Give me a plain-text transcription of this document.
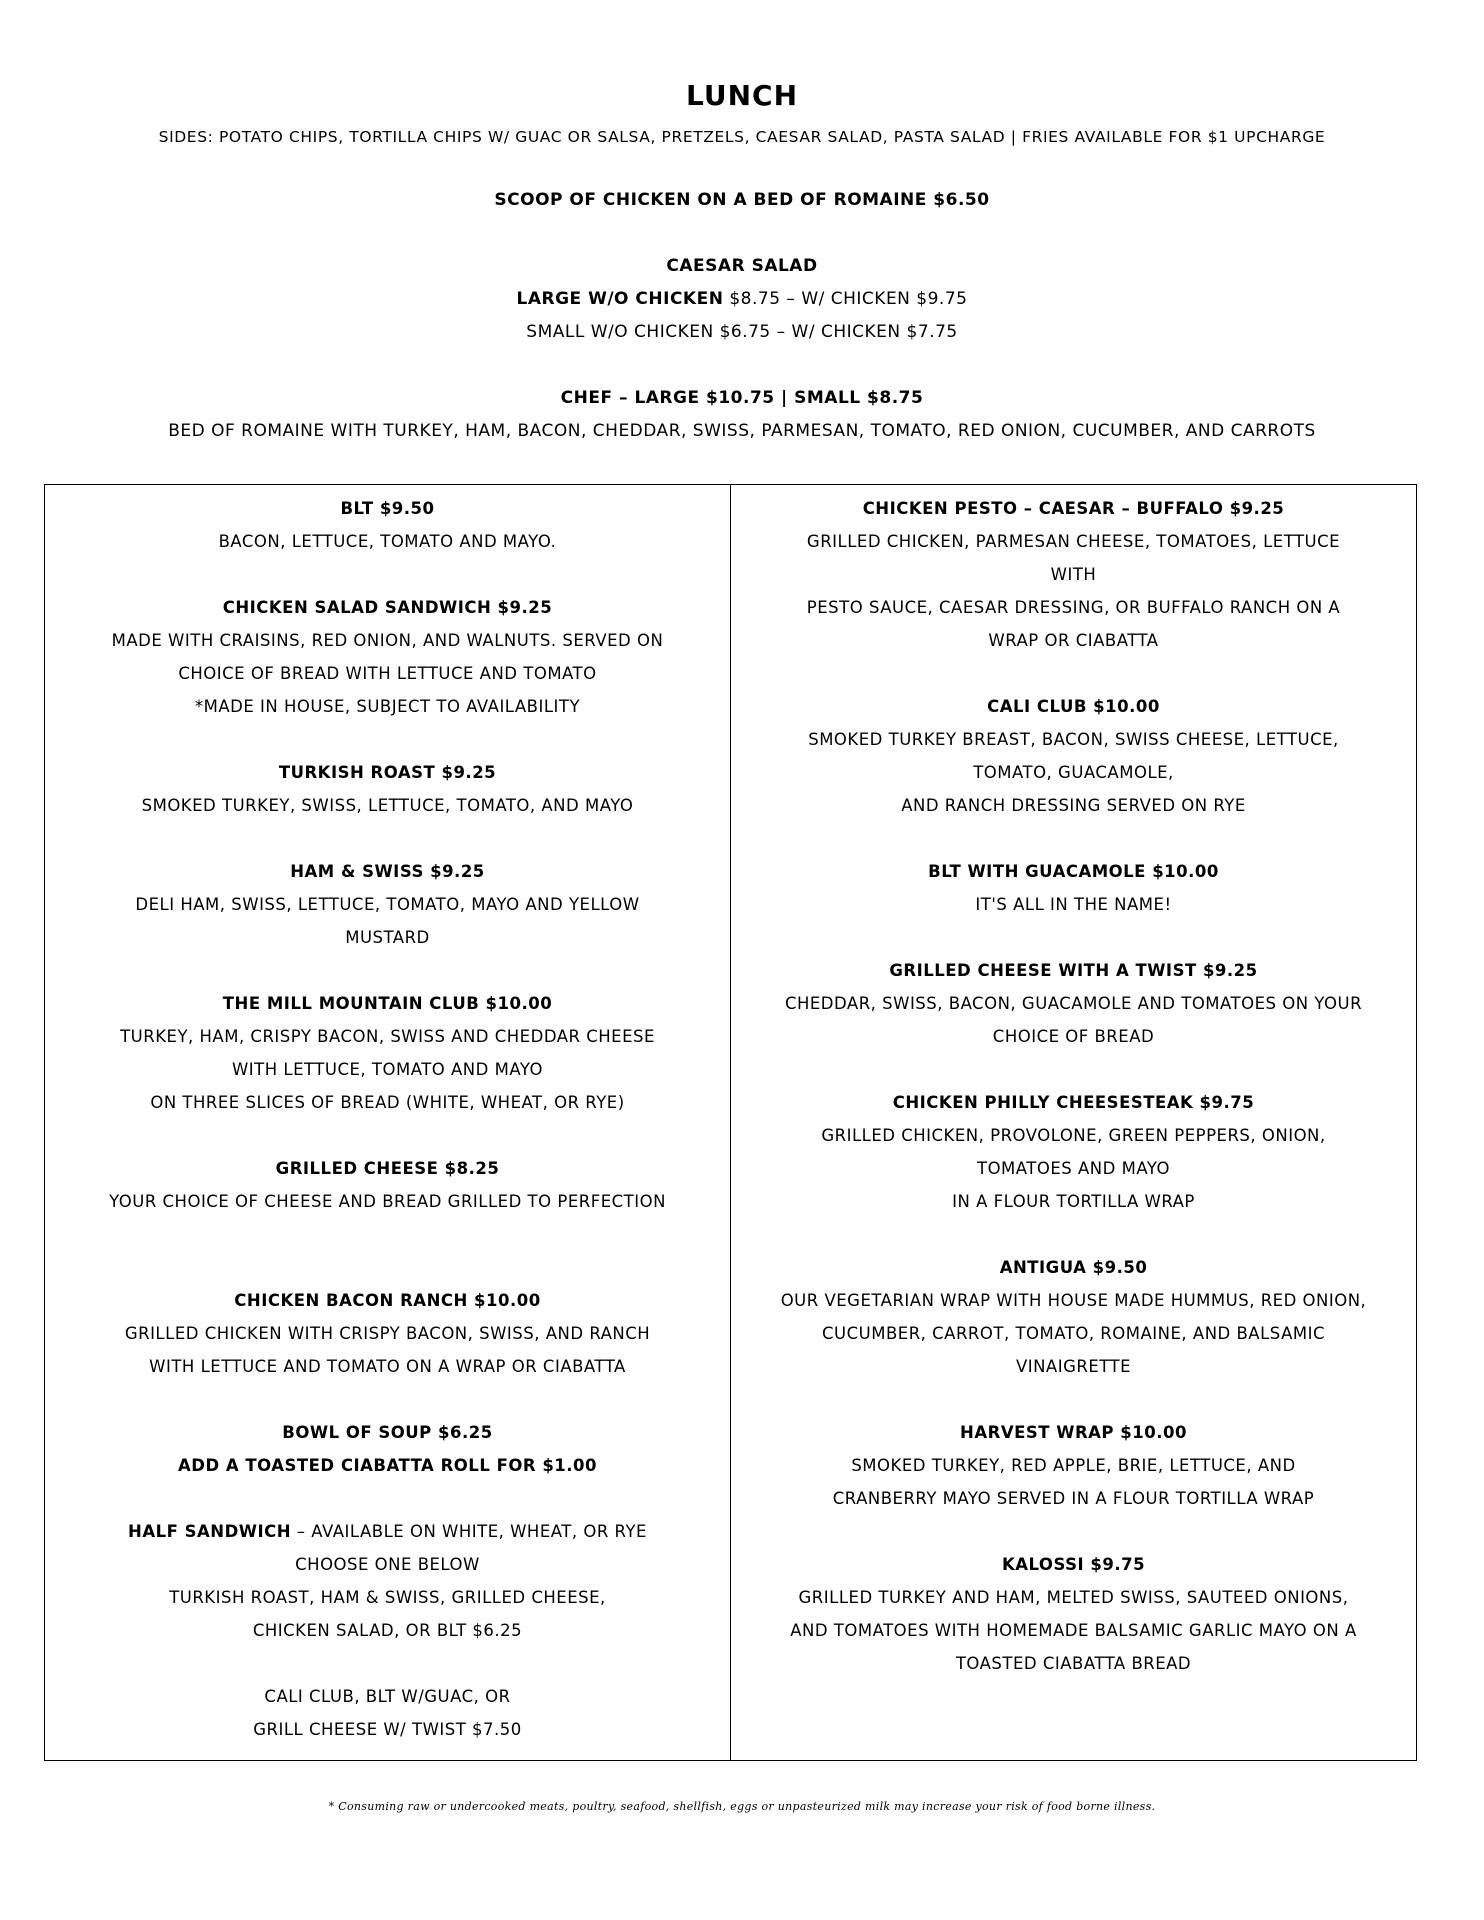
LUNCH
SIDES: POTATO CHIPS, TORTILLA CHIPS W/ GUAC OR SALSA, PRETZELS, CAESAR SALAD, PASTA SALAD | FRIES AVAILABLE FOR $1 UPCHARGE
SCOOP OF CHICKEN ON A BED OF ROMAINE $6.50
CAESAR SALAD
LARGE W/O CHICKEN $8.75 – W/ CHICKEN $9.75
SMALL W/O CHICKEN $6.75 – W/ CHICKEN $7.75
CHEF – LARGE $10.75 | SMALL $8.75
BED OF ROMAINE WITH TURKEY, HAM, BACON, CHEDDAR, SWISS, PARMESAN, TOMATO, RED ONION, CUCUMBER, AND CARROTS
BLT $9.50
BACON, LETTUCE, TOMATO AND MAYO.
CHICKEN SALAD SANDWICH $9.25
MADE WITH CRAISINS, RED ONION, AND WALNUTS. SERVED ON
CHOICE OF BREAD WITH LETTUCE AND TOMATO
*MADE IN HOUSE, SUBJECT TO AVAILABILITY
TURKISH ROAST $9.25
SMOKED TURKEY, SWISS, LETTUCE, TOMATO, AND MAYO
HAM & SWISS $9.25
DELI HAM, SWISS, LETTUCE, TOMATO, MAYO AND YELLOW
MUSTARD
THE MILL MOUNTAIN CLUB $10.00
TURKEY, HAM, CRISPY BACON, SWISS AND CHEDDAR CHEESE
WITH LETTUCE, TOMATO AND MAYO
ON THREE SLICES OF BREAD (WHITE, WHEAT, OR RYE)
GRILLED CHEESE $8.25
YOUR CHOICE OF CHEESE AND BREAD GRILLED TO PERFECTION
CHICKEN BACON RANCH $10.00
GRILLED CHICKEN WITH CRISPY BACON, SWISS, AND RANCH
WITH LETTUCE AND TOMATO ON A WRAP OR CIABATTA
BOWL OF SOUP $6.25
ADD A TOASTED CIABATTA ROLL FOR $1.00
HALF SANDWICH – AVAILABLE ON WHITE, WHEAT, OR RYE
CHOOSE ONE BELOW
TURKISH ROAST, HAM & SWISS, GRILLED CHEESE,
CHICKEN SALAD, OR BLT $6.25
CALI CLUB, BLT W/GUAC, OR
GRILL CHEESE W/ TWIST $7.50
CHICKEN PESTO – CAESAR – BUFFALO $9.25
GRILLED CHICKEN, PARMESAN CHEESE, TOMATOES, LETTUCE
WITH
PESTO SAUCE, CAESAR DRESSING, OR BUFFALO RANCH ON A
WRAP OR CIABATTA
CALI CLUB $10.00
SMOKED TURKEY BREAST, BACON, SWISS CHEESE, LETTUCE,
TOMATO, GUACAMOLE,
AND RANCH DRESSING SERVED ON RYE
BLT WITH GUACAMOLE $10.00
IT'S ALL IN THE NAME!
GRILLED CHEESE WITH A TWIST $9.25
CHEDDAR, SWISS, BACON, GUACAMOLE AND TOMATOES ON YOUR
CHOICE OF BREAD
CHICKEN PHILLY CHEESESTEAK $9.75
GRILLED CHICKEN, PROVOLONE, GREEN PEPPERS, ONION,
TOMATOES AND MAYO
IN A FLOUR TORTILLA WRAP
ANTIGUA $9.50
OUR VEGETARIAN WRAP WITH HOUSE MADE HUMMUS, RED ONION,
CUCUMBER, CARROT, TOMATO, ROMAINE, AND BALSAMIC
VINAIGRETTE
HARVEST WRAP $10.00
SMOKED TURKEY, RED APPLE, BRIE, LETTUCE, AND
CRANBERRY MAYO SERVED IN A FLOUR TORTILLA WRAP
KALOSSI $9.75
GRILLED TURKEY AND HAM, MELTED SWISS, SAUTEED ONIONS,
AND TOMATOES WITH HOMEMADE BALSAMIC GARLIC MAYO ON A
TOASTED CIABATTA BREAD
* Consuming raw or undercooked meats, poultry, seafood, shellfish, eggs or unpasteurized milk may increase your risk of food borne illness.
